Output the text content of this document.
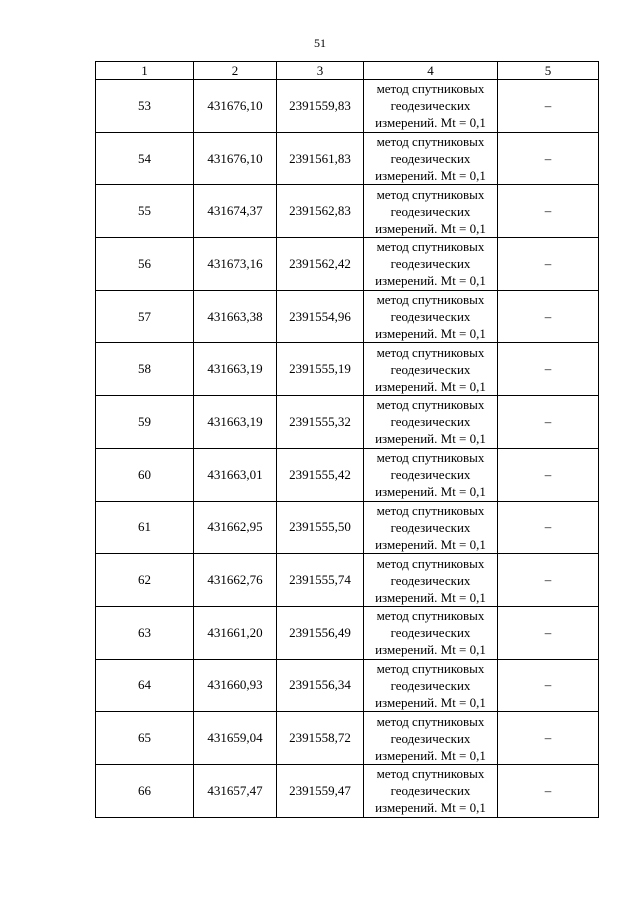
51
1	2	3	4	5
53	431676,10	2391559,83	метод спутниковых
геодезических
измерений. Mt = 0,1	–
54	431676,10	2391561,83	метод спутниковых
геодезических
измерений. Mt = 0,1	–
55	431674,37	2391562,83	метод спутниковых
геодезических
измерений. Mt = 0,1	–
56	431673,16	2391562,42	метод спутниковых
геодезических
измерений. Mt = 0,1	–
57	431663,38	2391554,96	метод спутниковых
геодезических
измерений. Mt = 0,1	–
58	431663,19	2391555,19	метод спутниковых
геодезических
измерений. Mt = 0,1	–
59	431663,19	2391555,32	метод спутниковых
геодезических
измерений. Mt = 0,1	–
60	431663,01	2391555,42	метод спутниковых
геодезических
измерений. Mt = 0,1	–
61	431662,95	2391555,50	метод спутниковых
геодезических
измерений. Mt = 0,1	–
62	431662,76	2391555,74	метод спутниковых
геодезических
измерений. Mt = 0,1	–
63	431661,20	2391556,49	метод спутниковых
геодезических
измерений. Mt = 0,1	–
64	431660,93	2391556,34	метод спутниковых
геодезических
измерений. Mt = 0,1	–
65	431659,04	2391558,72	метод спутниковых
геодезических
измерений. Mt = 0,1	–
66	431657,47	2391559,47	метод спутниковых
геодезических
измерений. Mt = 0,1	–
